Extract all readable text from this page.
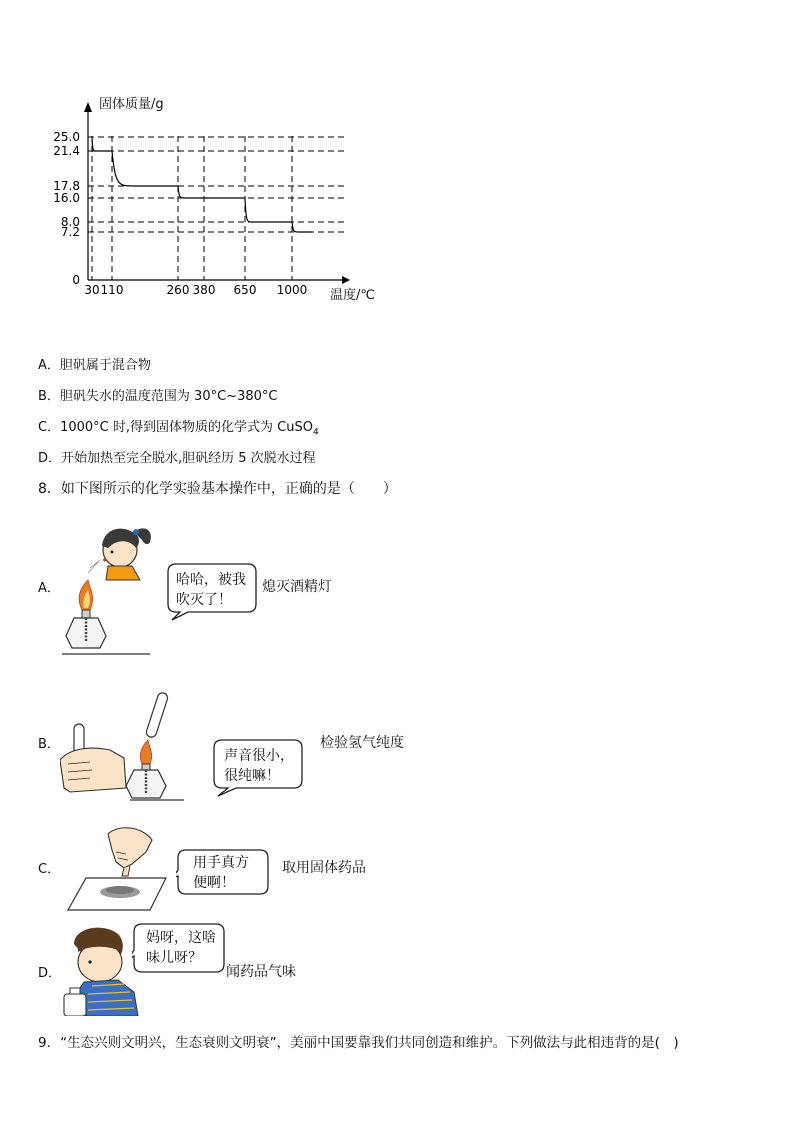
25.0
21.4
17.8
16.0
8.0
7.2
0
30 110	260 380 650 1000
固体质量/g
温度/℃
A．胆矾属于混合物
B．胆矾失水的温度范围为 30°C~380°C
C．1000°C 时,得到固体物质的化学式为 CuSO$_4$
D．开始加热至完全脱水,胆矾经历 5 次脱水过程
8．如下图所示的化学实验基本操作中，正确的是（　　）
A．
哈哈，被我
吹灭了！
熄灭酒精灯
B．
声音很小，
很纯嘛！
检验氢气纯度
C．	用手真方
便啊！
取用固体药品
D．
妈呀，这啥
味儿呀？
闻药品气味
9．“生态兴则文明兴，生态衰则文明衰”，美丽中国要靠我们共同创造和维护。下列做法与此相违背的是(　)
